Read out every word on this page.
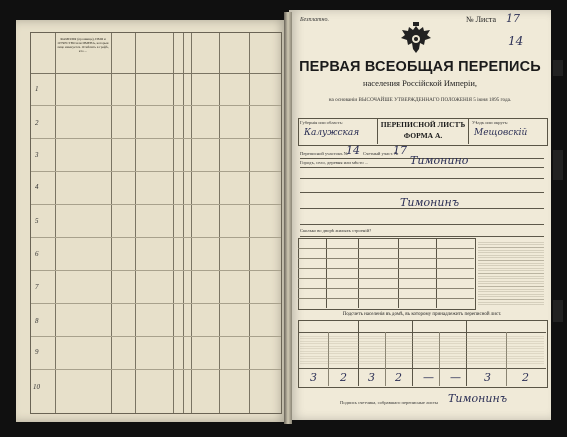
ФАМИЛІЯ (прозвище), ИМЯ и ОТЧЕСТВО или ИМЕНА, которыя лицо именуется. Отмѣтить в графѣ, кто ...
1
2
3
4
5
6
7
8
9
10
Безплатно.	№ Листа 17
14
ПЕРВАЯ ВСЕОБЩАЯ ПЕРЕПИСЬ
населения Россійской Имперіи,
на основаніи ВЫСОЧАЙШЕ УТВЕРЖДЕННАГО ПОЛОЖЕНІЯ 5 іюня 1895 года.
Губернія или область:
Калужская
ПЕРЕПИСНОЙ ЛИСТЪ
ФОРМА А.
Уѣздъ или округъ:
Мещовскій
Переписной участокъ №
14 Счетный участ. №
17
Городъ, село, деревня или мѣсто ...	Тимонино
Тимонинъ
Сколько во дворѣ жилыхъ строеній?
Подсчетъ населенія въ домѣ, въ которому принадлежитъ переписной лист.
3 2 3 2 — — 3	2
Подпись счетчика, собравшаго переписные листы Тимонинъ
